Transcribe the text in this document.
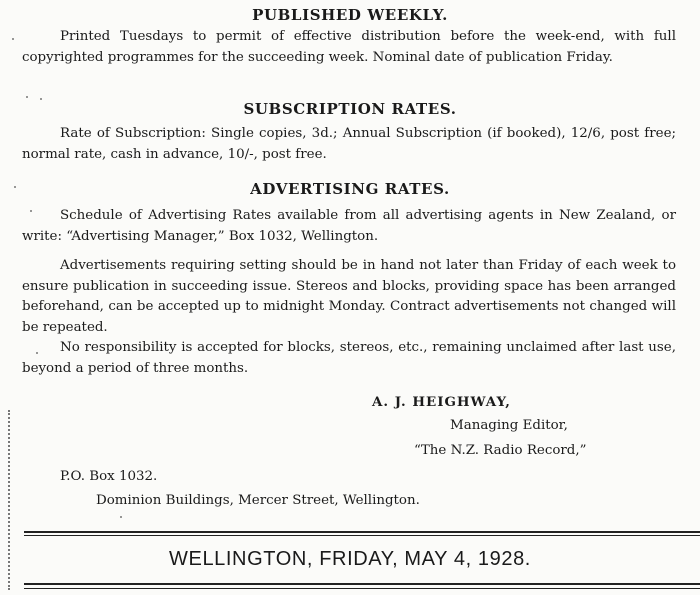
PUBLISHED WEEKLY.
Printed Tuesdays to permit of effective distribution before the week-end, with full copyrighted programmes for the succeeding week. Nominal date of publication Friday.
SUBSCRIPTION RATES.
Rate of Subscription: Single copies, 3d.; Annual Subscription (if booked), 12/6, post free; normal rate, cash in advance, 10/-, post free.
ADVERTISING RATES.
Schedule of Advertising Rates available from all advertising agents in New Zealand, or write: “Advertising Manager,” Box 1032, Wellington.
Advertisements requiring setting should be in hand not later than Friday of each week to ensure publication in succeeding issue. Stereos and blocks, providing space has been arranged beforehand, can be accepted up to midnight Monday. Contract advertisements not changed will be repeated.
No responsibility is accepted for blocks, stereos, etc., remaining unclaimed after last use, beyond a period of three months.
A. J. HEIGHWAY,
Managing Editor,
“The N.Z. Radio Record,”
P.O. Box 1032.
Dominion Buildings, Mercer Street, Wellington.
WELLINGTON, FRIDAY, MAY 4, 1928.
